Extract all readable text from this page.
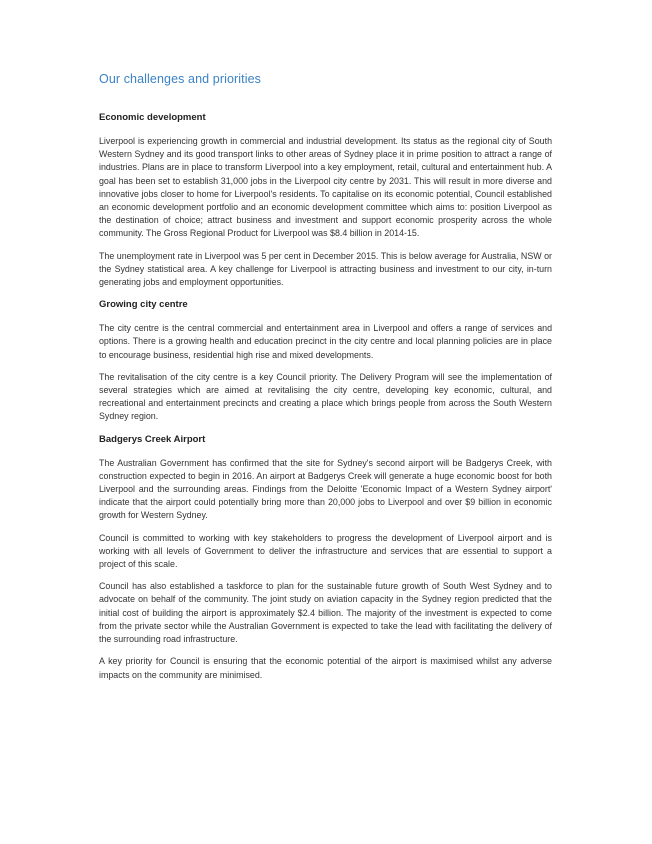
Our challenges and priorities
Economic development

Liverpool is experiencing growth in commercial and industrial development. Its status as the regional city of South Western Sydney and its good transport links to other areas of Sydney place it in prime position to attract a range of industries. Plans are in place to transform Liverpool into a key employment, retail, cultural and entertainment hub. A goal has been set to establish 31,000 jobs in the Liverpool city centre by 2031. This will result in more diverse and innovative jobs closer to home for Liverpool's residents. To capitalise on its economic potential, Council established an economic development portfolio and an economic development committee which aims to: position Liverpool as the destination of choice; attract business and investment and support economic prosperity across the whole community. The Gross Regional Product for Liverpool was $8.4 billion in 2014-15.

The unemployment rate in Liverpool was 5 per cent in December 2015. This is below average for Australia, NSW or the Sydney statistical area. A key challenge for Liverpool is attracting business and investment to our city, in-turn generating jobs and employment opportunities.

Growing city centre

The city centre is the central commercial and entertainment area in Liverpool and offers a range of services and options. There is a growing health and education precinct in the city centre and local planning policies are in place to encourage business, residential high rise and mixed developments.

The revitalisation of the city centre is a key Council priority. The Delivery Program will see the implementation of several strategies which are aimed at revitalising the city centre, developing key economic, cultural, and recreational and entertainment precincts and creating a place which brings people from across the South Western Sydney region.

Badgerys Creek Airport

The Australian Government has confirmed that the site for Sydney's second airport will be Badgerys Creek, with construction expected to begin in 2016. An airport at Badgerys Creek will generate a huge economic boost for both Liverpool and the surrounding areas. Findings from the Deloitte 'Economic Impact of a Western Sydney airport' indicate that the airport could potentially bring more than 20,000 jobs to Liverpool and over $9 billion in economic growth for Western Sydney.

Council is committed to working with key stakeholders to progress the development of Liverpool airport and is working with all levels of Government to deliver the infrastructure and services that are essential to support a project of this scale.

Council has also established a taskforce to plan for the sustainable future growth of South West Sydney and to advocate on behalf of the community. The joint study on aviation capacity in the Sydney region predicted that the initial cost of building the airport is approximately $2.4 billion. The majority of the investment is expected to come from the private sector while the Australian Government is expected to take the lead with facilitating the delivery of the surrounding road infrastructure.

A key priority for Council is ensuring that the economic potential of the airport is maximised whilst any adverse impacts on the community are minimised.
